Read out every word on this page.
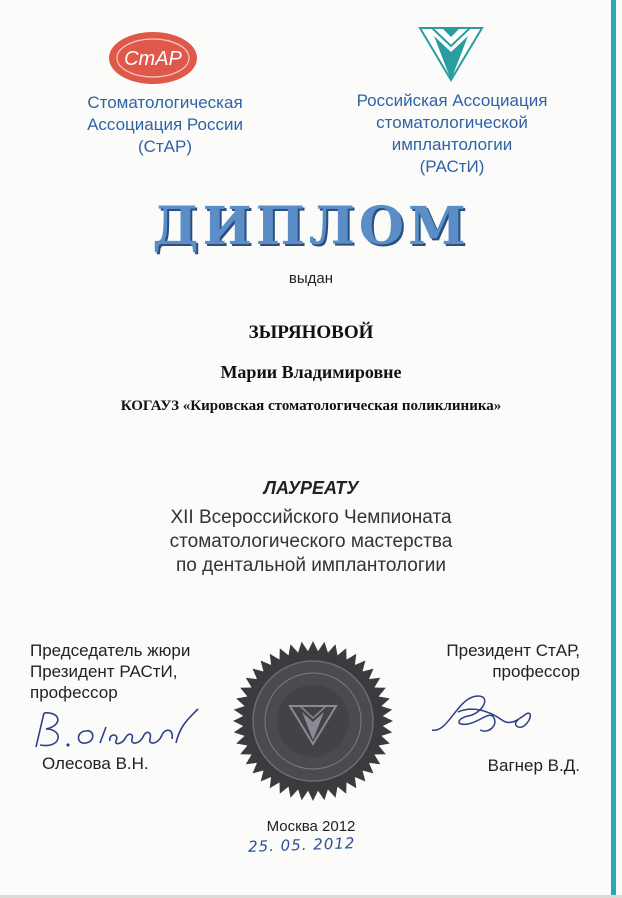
СтАР

Стоматологическая
Ассоциация России
(СтАР)

Российская Ассоциация
стоматологической
имплантологии
(РАСтИ)

ДИПЛОМ

выдан

ЗЫРЯНОВОЙ

Марии Владимировне

КОГАУЗ «Кировская стоматологическая поликлиника»

ЛАУРЕАТУ

XII Всероссийского Чемпионата
стоматологического мастерства
по дентальной имплантологии

Председатель жюри
Президент РАСтИ,
профессор

Олесова В.Н.

Президент СтАР,
профессор

Вагнер В.Д.

Москва 2012

25. 05. 2012
